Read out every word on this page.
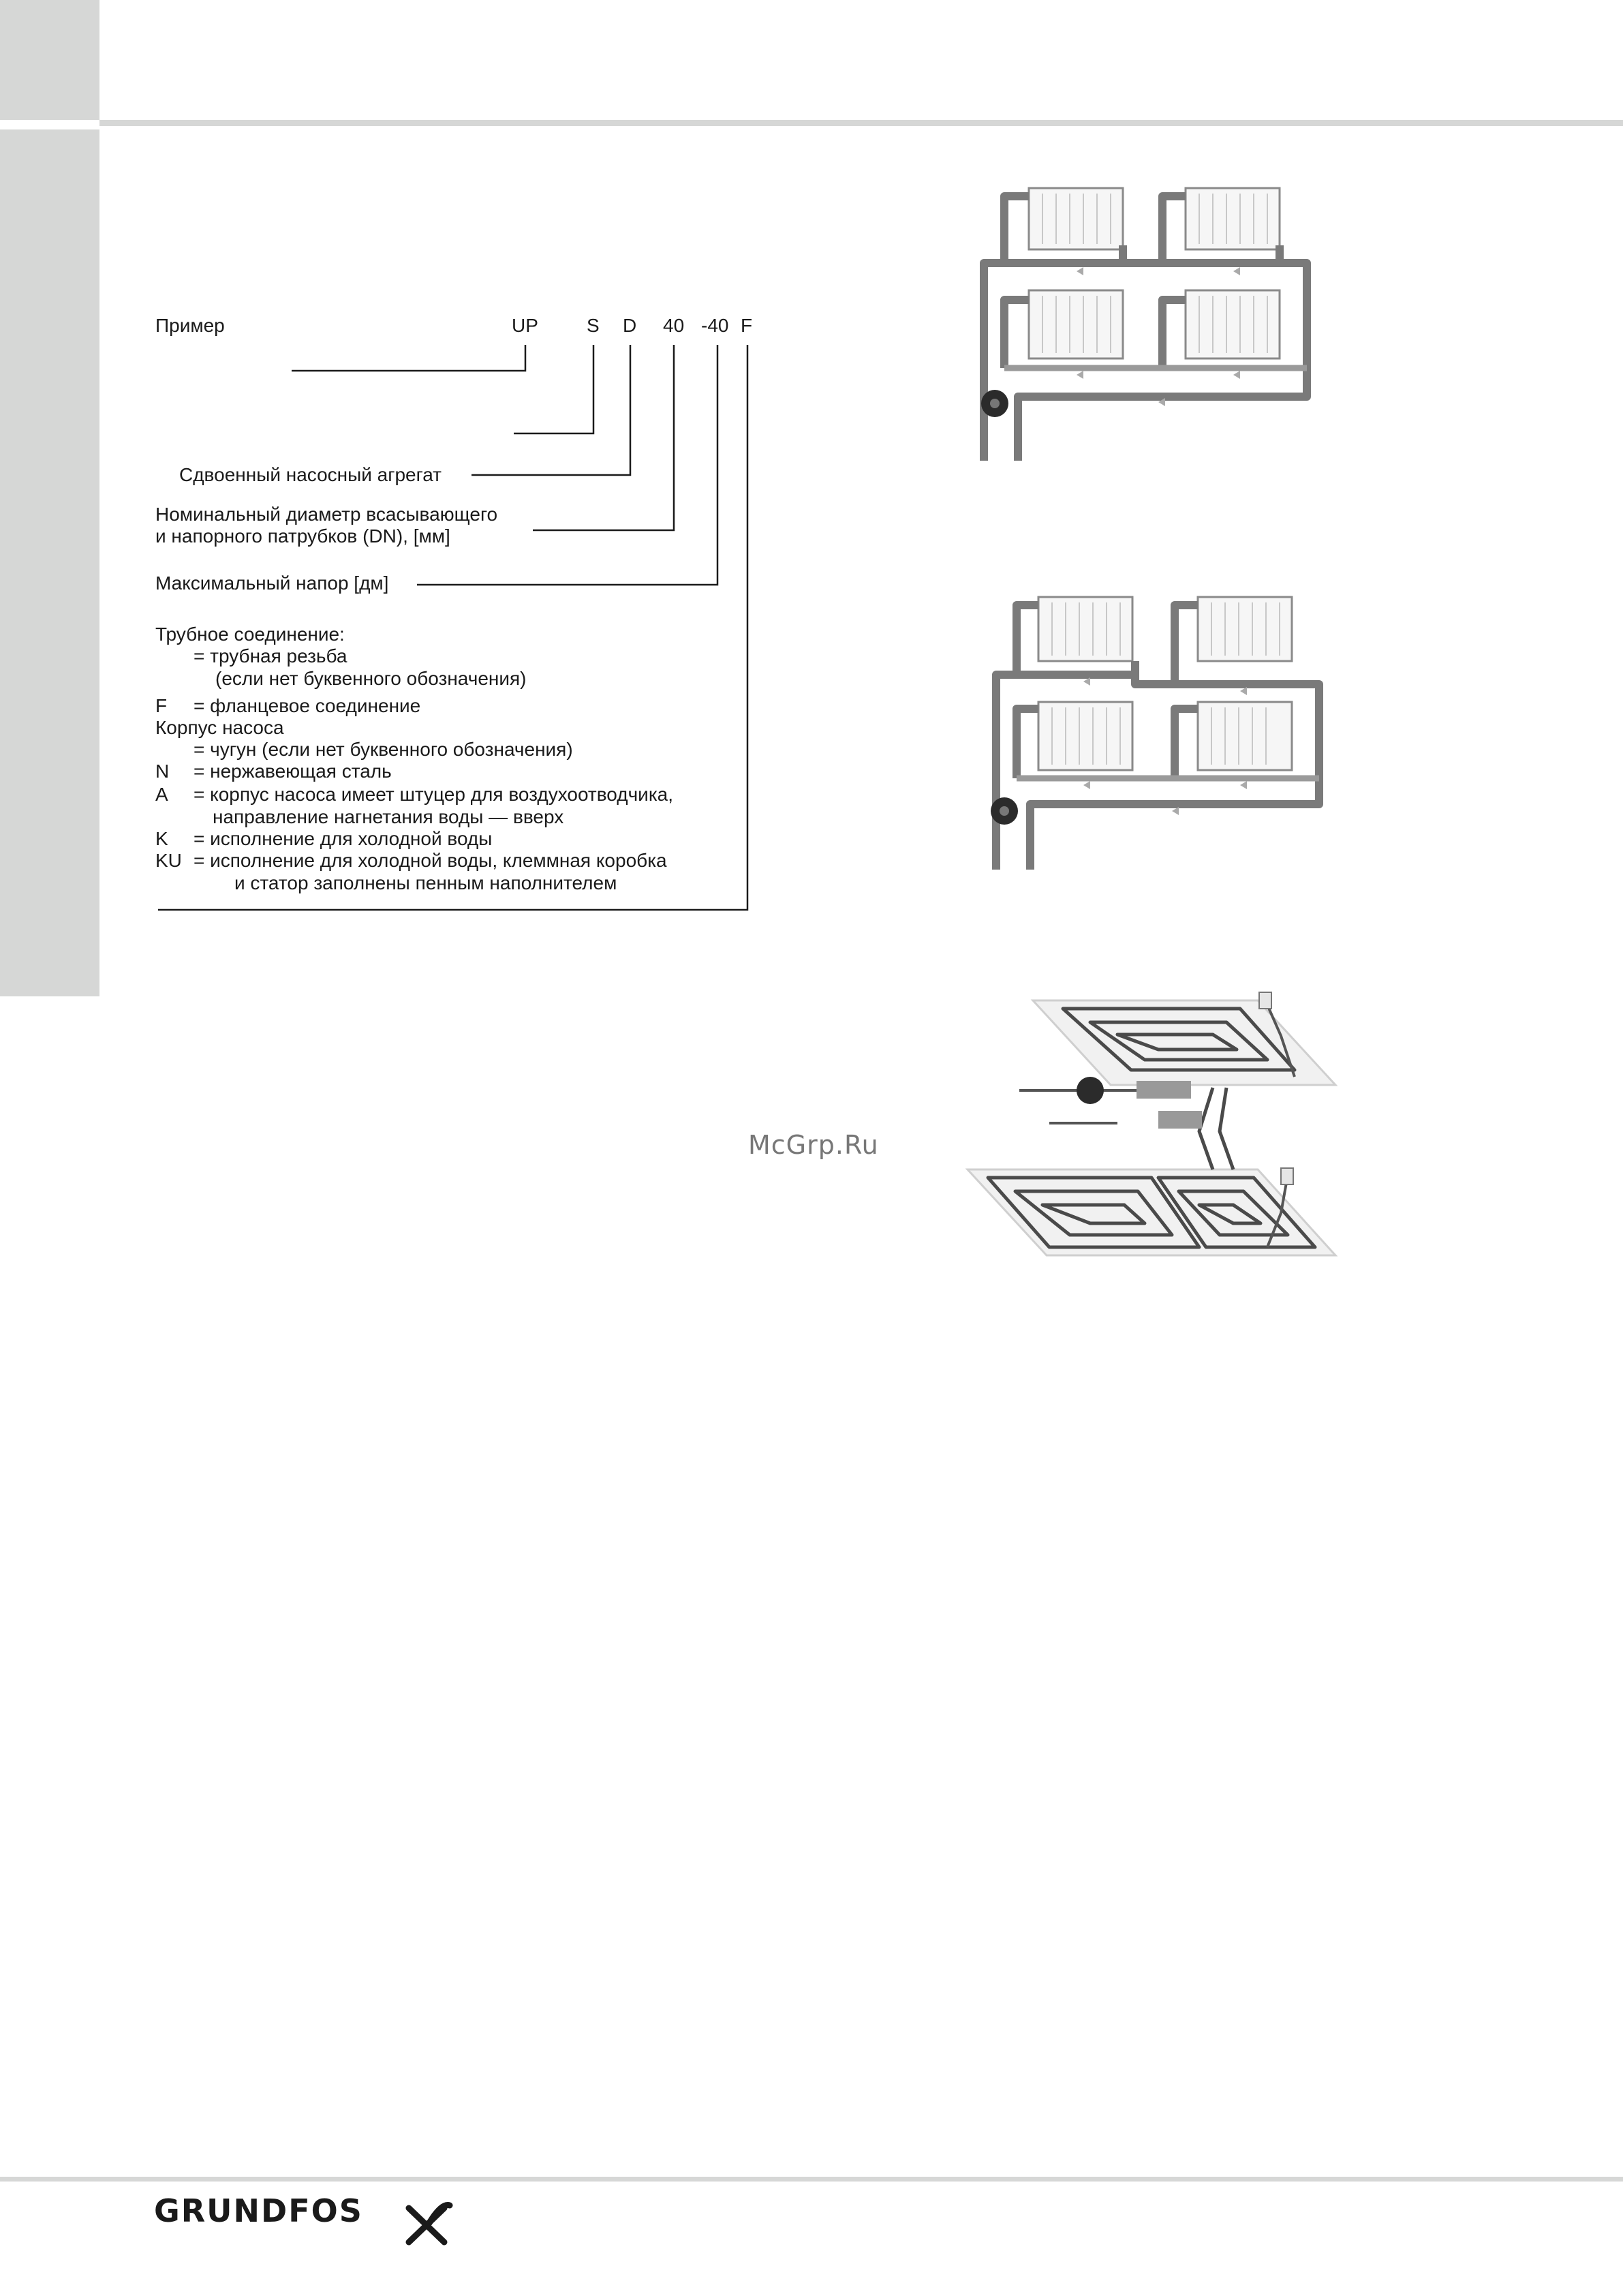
Пример	UP	S D 40 -40 F
Сдвоенный насосный агрегат
Номинальный диаметр всасывающего
и напорного патрубков (DN), [мм]
Максимальный напор [дм]
Трубное соединение:
= трубная резьба
(если нет буквенного обозначения)
F = фланцевое соединение
Корпус насоса
= чугун (если нет буквенного обозначения)
N = нержавеющая сталь
A = корпус насоса имеет штуцер для воздухоотводчика,
направление нагнетания воды — вверх
K = исполнение для холодной воды
KU = исполнение для холодной воды, клеммная коробка
и статор заполнены пенным наполнителем
McGrp.Ru
GRUNDFOS
